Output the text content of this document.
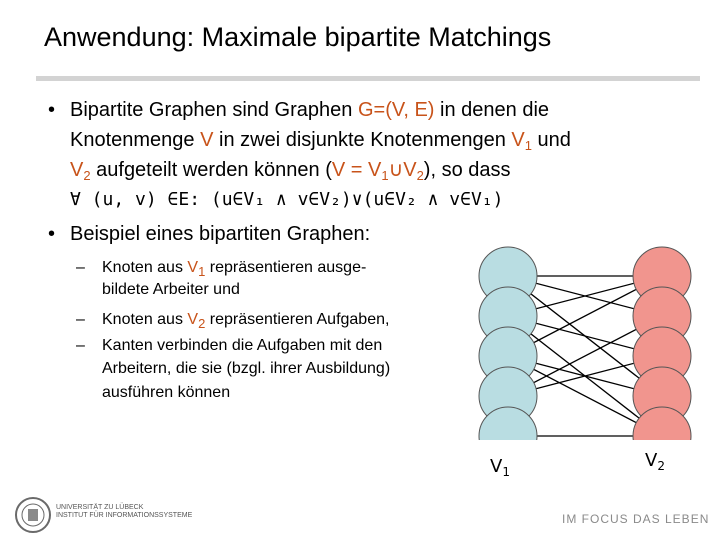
Anwendung: Maximale bipartite Matchings
• Bipartite Graphen sind Graphen G=(V, E) in denen die
Knotenmenge V in zwei disjunkte Knotenmengen $V_1$ und
$V_2$ aufgeteilt werden können $(V = V_1\cup V_2)$, so dass
∀ (u, v) ∈E: (u∈V₁ ∧ v∈V₂)∨(u∈V₂ ∧ v∈V₁)
• Beispiel eines bipartiten Graphen:
– Knoten aus $V_1$ repräsentieren ausge-
bildete Arbeiter und
– Knoten aus $V_2$ repräsentieren Aufgaben,
– Kanten verbinden die Aufgaben mit den
Arbeitern, die sie (bzgl. ihrer Ausbildung)
ausführen können
$V_1$
$V_2$
UNIVERSITÄT ZU LÜBECK
INSTITUT FÜR INFORMATIONSSYSTEME	IM FOCUS DAS LEBEN
